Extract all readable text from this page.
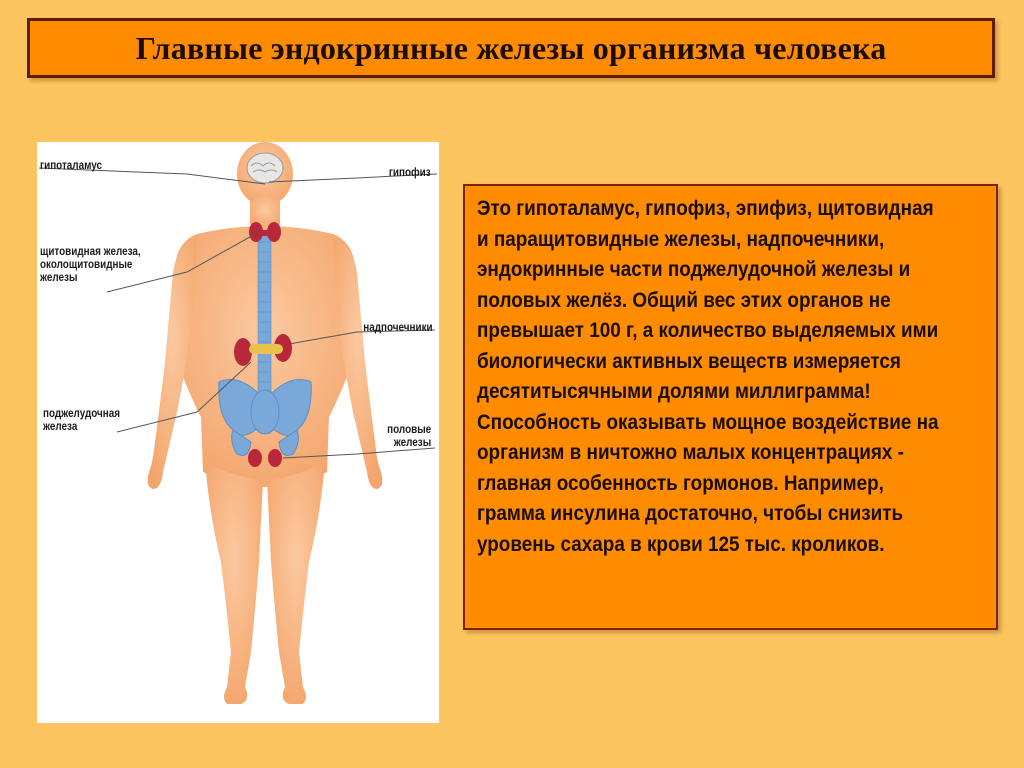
Главные эндокринные железы организма человека
гипоталамус
гипофиз
щитовидная железа,
околощитовидные
железы
надпочечники
поджелудочная
железа	половые
железы
Это гипоталамус, гипофиз, эпифиз, щитовидная и паращитовидные железы, надпочечники, эндокринные части поджелудочной железы и половых желёз. Общий вес этих органов не превышает 100 г, а количество выделяемых ими биологически активных веществ измеряется десятитысячными долями миллиграмма! Способность оказывать мощное воздействие на организм в ничтожно малых концентрациях - главная особенность гормонов. Например, грамма инсулина достаточно, чтобы снизить уровень сахара в крови 125 тыс. кроликов.
